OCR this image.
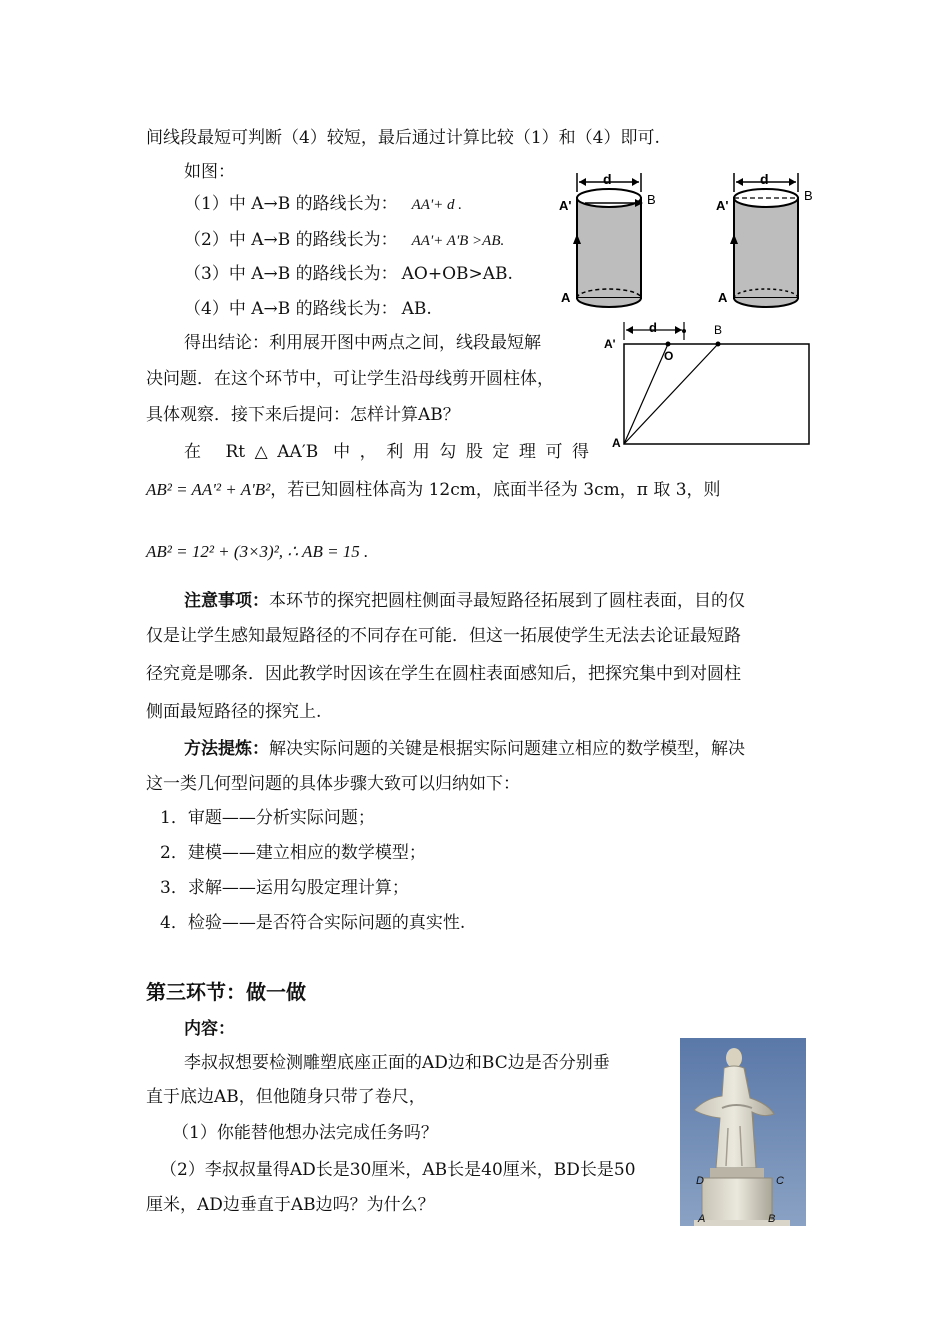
间线段最短可判断（4）较短，最后通过计算比较（1）和（4）即可.
如图：
（1）中 A→B 的路线长为： AA'+ d .
（2）中 A→B 的路线长为： AA'+ A'B >AB.
（3）中 A→B 的路线长为： AO+OB>AB.
（4）中 A→B 的路线长为： AB.
d
A'	B
A
d
A'
B
A
d	B
A'
O
A
得出结论：利用展开图中两点之间，线段最短解
决问题．在这个环节中，可让学生沿母线剪开圆柱体，
具体观察．接下来后提问：怎样计算AB？
在 Rt△AA′B 中，利用勾股定理可得
AB² = AA'² + A'B²，若已知圆柱体高为 12cm，底面半径为 3cm，π 取 3，则
AB² = 12² + (3×3)², ∴ AB = 15 .
注意事项：本环节的探究把圆柱侧面寻最短路径拓展到了圆柱表面，目的仅
仅是让学生感知最短路径的不同存在可能．但这一拓展使学生无法去论证最短路
径究竟是哪条．因此教学时因该在学生在圆柱表面感知后，把探究集中到对圆柱
侧面最短路径的探究上.
方法提炼：解决实际问题的关键是根据实际问题建立相应的数学模型，解决
这一类几何型问题的具体步骤大致可以归纳如下：
1．审题——分析实际问题；
2．建模——建立相应的数学模型；
3．求解——运用勾股定理计算；
4．检验——是否符合实际问题的真实性.
第三环节：做一做
内容：
李叔叔想要检测雕塑底座正面的AD边和BC边是否分别垂
直于底边AB，但他随身只带了卷尺，
（1）你能替他想办法完成任务吗？
（2）李叔叔量得AD长是30厘米，AB长是40厘米，BD长是50
厘米，AD边垂直于AB边吗？为什么？
D	C
A	B
